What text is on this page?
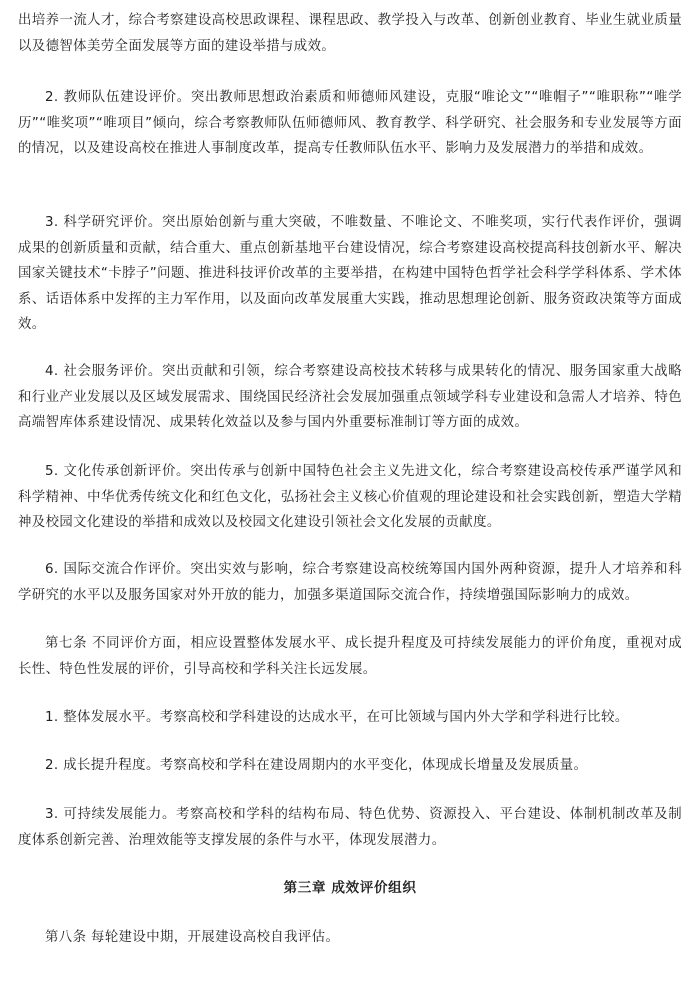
出培养一流人才，综合考察建设高校思政课程、课程思政、教学投入与改革、创新创业教育、毕业生就业质量以及德智体美劳全面发展等方面的建设举措与成效。

2. 教师队伍建设评价。突出教师思想政治素质和师德师风建设，克服“唯论文”“唯帽子”“唯职称”“唯学历”“唯奖项”“唯项目”倾向，综合考察教师队伍师德师风、教育教学、科学研究、社会服务和专业发展等方面的情况，以及建设高校在推进人事制度改革，提高专任教师队伍水平、影响力及发展潜力的举措和成效。

3. 科学研究评价。突出原始创新与重大突破，不唯数量、不唯论文、不唯奖项，实行代表作评价，强调成果的创新质量和贡献，结合重大、重点创新基地平台建设情况，综合考察建设高校提高科技创新水平、解决国家关键技术“卡脖子”问题、推进科技评价改革的主要举措，在构建中国特色哲学社会科学学科体系、学术体系、话语体系中发挥的主力军作用，以及面向改革发展重大实践，推动思想理论创新、服务资政决策等方面成效。

4. 社会服务评价。突出贡献和引领，综合考察建设高校技术转移与成果转化的情况、服务国家重大战略和行业产业发展以及区域发展需求、围绕国民经济社会发展加强重点领域学科专业建设和急需人才培养、特色高端智库体系建设情况、成果转化效益以及参与国内外重要标准制订等方面的成效。

5. 文化传承创新评价。突出传承与创新中国特色社会主义先进文化，综合考察建设高校传承严谨学风和科学精神、中华优秀传统文化和红色文化，弘扬社会主义核心价值观的理论建设和社会实践创新，塑造大学精神及校园文化建设的举措和成效以及校园文化建设引领社会文化发展的贡献度。

6. 国际交流合作评价。突出实效与影响，综合考察建设高校统筹国内国外两种资源，提升人才培养和科学研究的水平以及服务国家对外开放的能力，加强多渠道国际交流合作，持续增强国际影响力的成效。

第七条 不同评价方面，相应设置整体发展水平、成长提升程度及可持续发展能力的评价角度，重视对成长性、特色性发展的评价，引导高校和学科关注长远发展。

1. 整体发展水平。考察高校和学科建设的达成水平，在可比领域与国内外大学和学科进行比较。

2. 成长提升程度。考察高校和学科在建设周期内的水平变化，体现成长增量及发展质量。

3. 可持续发展能力。考察高校和学科的结构布局、特色优势、资源投入、平台建设、体制机制改革及制度体系创新完善、治理效能等支撑发展的条件与水平，体现发展潜力。

第三章 成效评价组织

第八条 每轮建设中期，开展建设高校自我评估。
